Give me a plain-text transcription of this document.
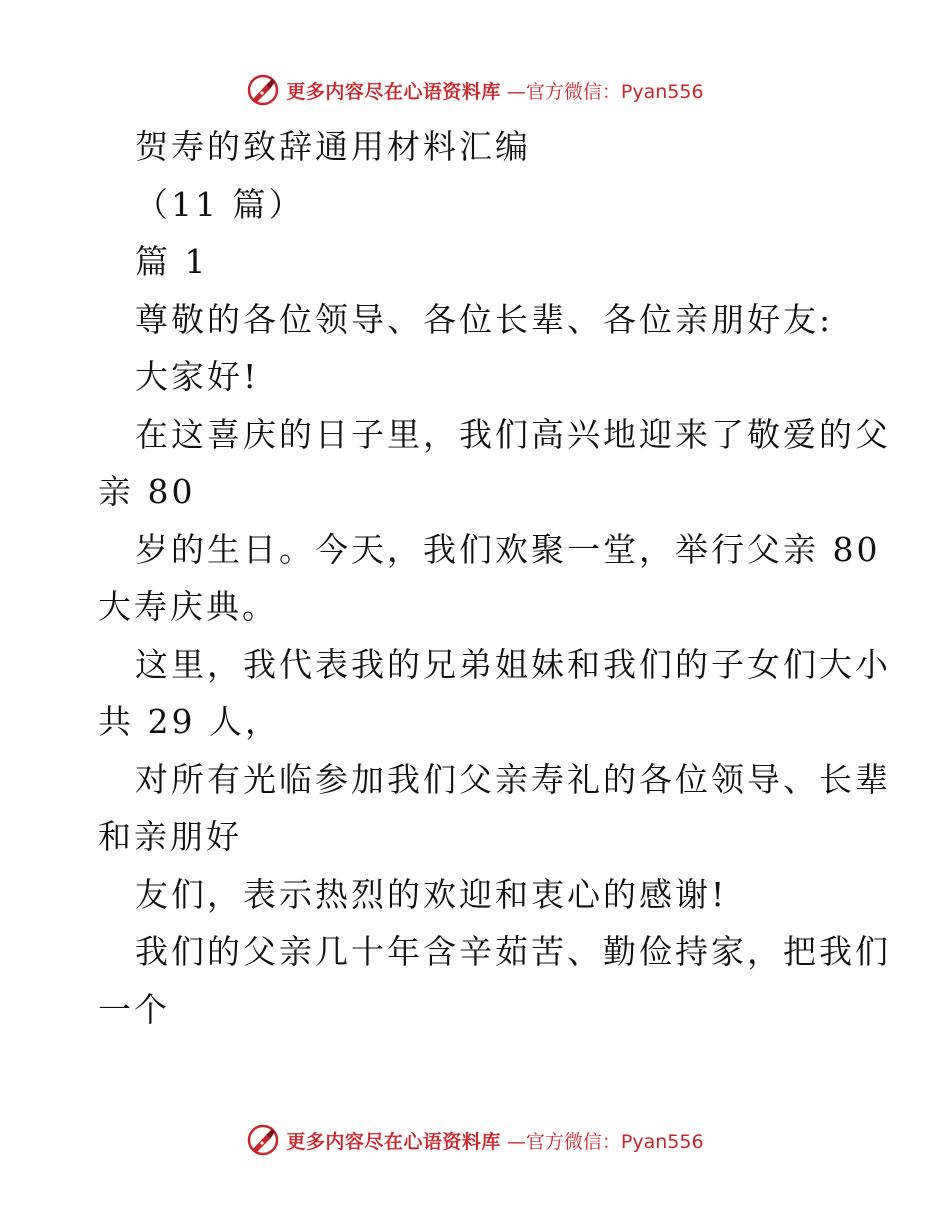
更多内容尽在心语资料库 —官方微信：Pyan556
贺寿的致辞通用材料汇编
（11 篇）
篇 1
尊敬的各位领导、各位长辈、各位亲朋好友:
大家好!
在这喜庆的日子里，我们高兴地迎来了敬爱的父
亲 80
岁的生日。今天，我们欢聚一堂，举行父亲 80
大寿庆典。
这里，我代表我的兄弟姐妹和我们的子女们大小
共 29 人，
对所有光临参加我们父亲寿礼的各位领导、长辈
和亲朋好
友们，表示热烈的欢迎和衷心的感谢!
我们的父亲几十年含辛茹苦、勤俭持家，把我们
一个
更多内容尽在心语资料库 —官方微信：Pyan556
